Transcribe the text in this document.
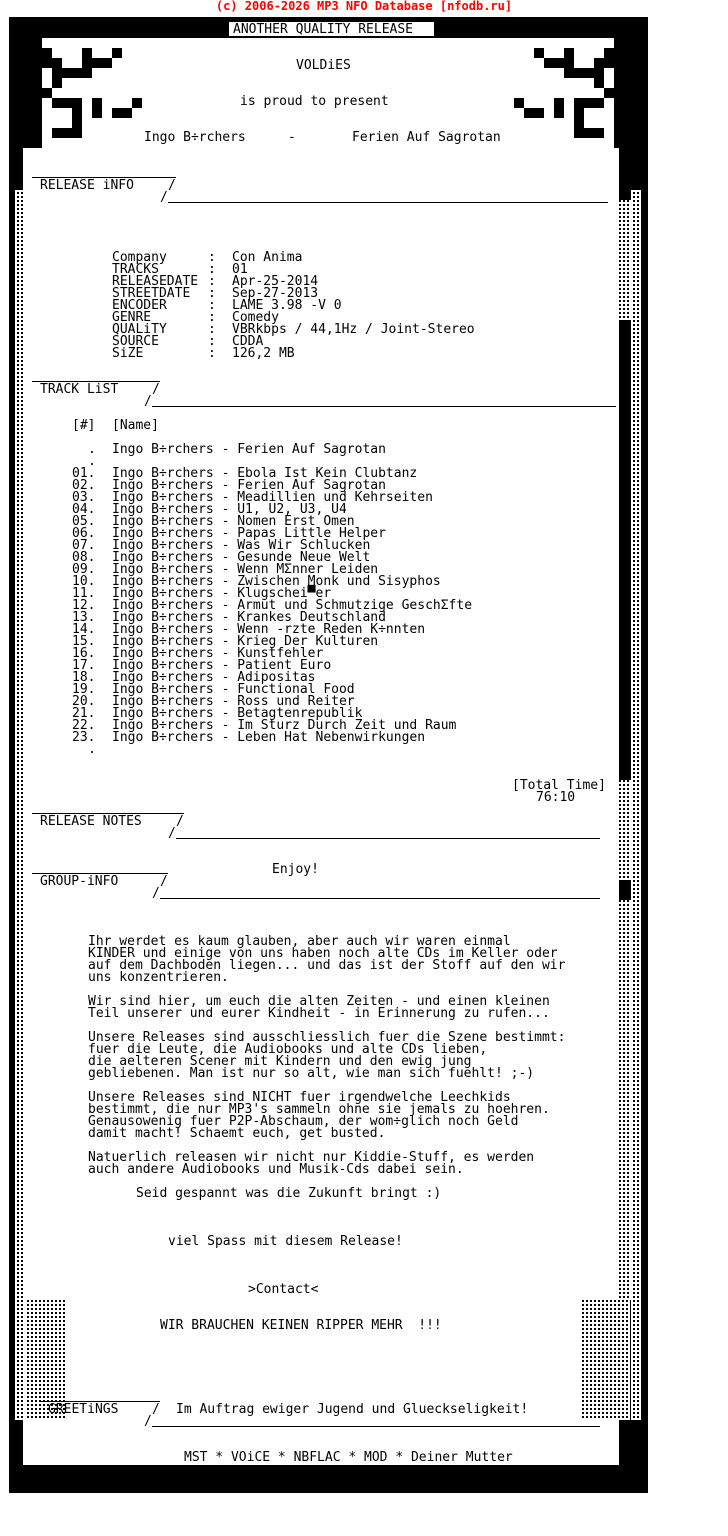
(c) 2006-2026 MP3 NFO Database [nfodb.ru]
ANOTHER QUALITY RELEASE
VOLDiES
is proud to present
Ingo B÷rchers	-	Ferien Auf Sagrotan
RELEASE iNFO	/
/
Company	: Con Anima
TRACKS	: 01
RELEASEDATE : Apr-25-2014
STREETDATE : Sep-27-2013
ENCODER	: LAME 3.98 -V 0
GENRE	: Comedy
QUALiTY	: VBRkbps / 44,1Hz / Joint-Stereo
SOURCE	: CDDA
SiZE	: 126,2 MB
TRACK LiST	/
/
[#] [Name]
. Ingo B÷rchers - Ferien Auf Sagrotan
.
01. Ingo B÷rchers - Ebola Ist Kein Clubtanz
02. Ingo B÷rchers - Ferien Auf Sagrotan
03. Ingo B÷rchers - Meadillien und Kehrseiten
04. Ingo B÷rchers - U1, U2, U3, U4
05. Ingo B÷rchers - Nomen Erst Omen
06. Ingo B÷rchers - Papas Little Helper
07. Ingo B÷rchers - Was Wir Schlucken
08. Ingo B÷rchers - Gesunde Neue Welt
09. Ingo B÷rchers - Wenn MΣnner Leiden
10. Ingo B÷rchers - Zwischen Monk und Sisyphos
11. Ingo B÷rchers - Klugschei▀er
12. Ingo B÷rchers - Armut und Schmutzige GeschΣfte
13. Ingo B÷rchers - Krankes Deutschland
14. Ingo B÷rchers - Wenn -rzte Reden K÷nnten
15. Ingo B÷rchers - Krieg Der Kulturen
16. Ingo B÷rchers - Kunstfehler
17. Ingo B÷rchers - Patient Euro
18. Ingo B÷rchers - Adipositas
19. Ingo B÷rchers - Functional Food
20. Ingo B÷rchers - Ross und Reiter
21. Ingo B÷rchers - Betagtenrepublik
22. Ingo B÷rchers - Im Sturz Durch Zeit und Raum
23. Ingo B÷rchers - Leben Hat Nebenwirkungen
.
[Total Time]
76:10
RELEASE NOTES	/
/
Enjoy!
GROUP-iNFO	/
/
Ihr werdet es kaum glauben, aber auch wir waren einmal
KINDER und einige von uns haben noch alte CDs im Keller oder
auf dem Dachboden liegen... und das ist der Stoff auf den wir
uns konzentrieren.
Wir sind hier, um euch die alten Zeiten - und einen kleinen
Teil unserer und eurer Kindheit - in Erinnerung zu rufen...
Unsere Releases sind ausschliesslich fuer die Szene bestimmt:
fuer die Leute, die Audiobooks und alte CDs lieben,
die aelteren Scener mit Kindern und den ewig jung
gebliebenen. Man ist nur so alt, wie man sich fuehlt! ;-)
Unsere Releases sind NICHT fuer irgendwelche Leechkids
bestimmt, die nur MP3's sammeln ohne sie jemals zu hoehren.
Genausowenig fuer P2P-Abschaum, der wom÷glich noch Geld
damit macht! Schaemt euch, get busted.
Natuerlich releasen wir nicht nur Kiddie-Stuff, es werden
auch andere Audiobooks und Musik-Cds dabei sein.
Seid gespannt was die Zukunft bringt :)
viel Spass mit diesem Release!
>Contact<
WIR BRAUCHEN KEINEN RIPPER MEHR  !!!
GREETiNGS	/
/
Im Auftrag ewiger Jugend und Glueckseligkeit!
MST * VOiCE * NBFLAC * MOD * Deiner Mutter
